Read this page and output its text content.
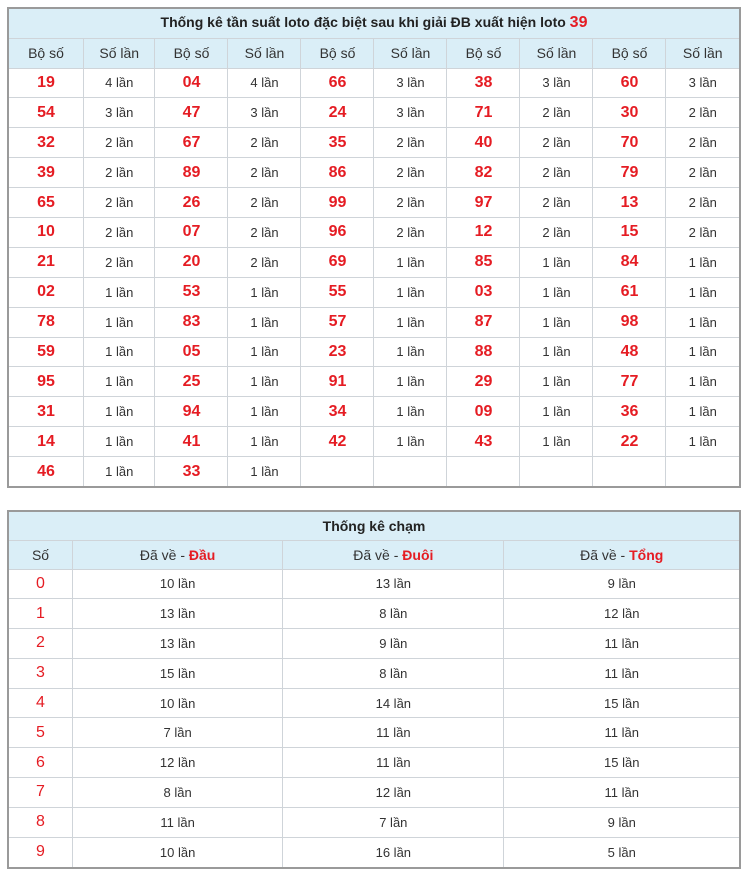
Thống kê tần suất loto đặc biệt sau khi giải ĐB xuất hiện loto 39									
Bộ số	Số lần	Bộ số	Số lần	Bộ số	Số lần	Bộ số	Số lần	Bộ số	Số lần
19	4 lần	04	4 lần	66	3 lần	38	3 lần	60	3 lần
54	3 lần	47	3 lần	24	3 lần	71	2 lần	30	2 lần
32	2 lần	67	2 lần	35	2 lần	40	2 lần	70	2 lần
39	2 lần	89	2 lần	86	2 lần	82	2 lần	79	2 lần
65	2 lần	26	2 lần	99	2 lần	97	2 lần	13	2 lần
10	2 lần	07	2 lần	96	2 lần	12	2 lần	15	2 lần
21	2 lần	20	2 lần	69	1 lần	85	1 lần	84	1 lần
02	1 lần	53	1 lần	55	1 lần	03	1 lần	61	1 lần
78	1 lần	83	1 lần	57	1 lần	87	1 lần	98	1 lần
59	1 lần	05	1 lần	23	1 lần	88	1 lần	48	1 lần
95	1 lần	25	1 lần	91	1 lần	29	1 lần	77	1 lần
31	1 lần	94	1 lần	34	1 lần	09	1 lần	36	1 lần
14	1 lần	41	1 lần	42	1 lần	43	1 lần	22	1 lần
46	1 lần	33	1 lần						
Thống kê chạm			
Số	Đã về - Đầu	Đã về - Đuôi	Đã về - Tổng
0	10 lần	13 lần	9 lần
1	13 lần	8 lần	12 lần
2	13 lần	9 lần	11 lần
3	15 lần	8 lần	11 lần
4	10 lần	14 lần	15 lần
5	7 lần	11 lần	11 lần
6	12 lần	11 lần	15 lần
7	8 lần	12 lần	11 lần
8	11 lần	7 lần	9 lần
9	10 lần	16 lần	5 lần
